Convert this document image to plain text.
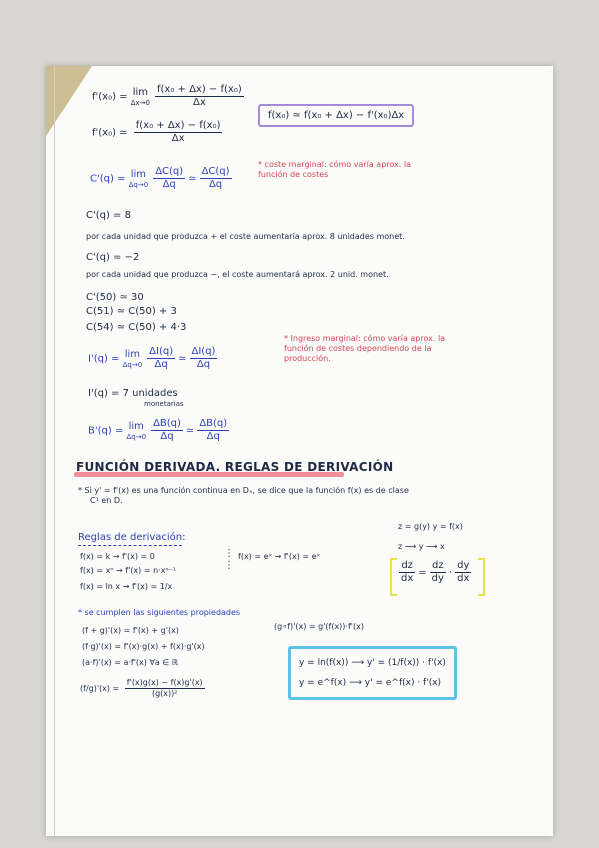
f'(x₀) = lim
$\Delta x\to 0 \frac{\text{f(x₀ + Δx) − f(x₀)}}{\Delta x}$
f'(x₀) ≃ $\frac{\text{f(x₀ + Δx) − f(x₀)}}{\Delta x}$
f(x₀) ≃ f(x₀ + Δx) − f'(x₀)Δx
C'(q) = lim
$\Delta q\to 0 \frac{\Delta C(q)}{\Delta q}$ ≃ $\frac{\Delta C(q)}{\Delta q}$
* coste marginal: cómo varía aprox. la
función de costes
C'(q) = 8
por cada unidad que produzca + el coste aumentaría aprox. 8 unidades monet.
C'(q) = −2
por cada unidad que produzca −, el coste aumentará aprox. 2 unid. monet.
C'(50) ≃ 30
C(51) ≃ C(50) + 3
C(54) ≃ C(50) + 4·3
I'(q) = lim
$\Delta q\to 0 \frac{\Delta I(q)}{\Delta q}$ ≃ $\frac{\Delta I(q)}{\Delta q}$
* Ingreso marginal: cómo varía aprox. la
función de costes dependiendo de la
producción.
I'(q) = 7 unidades
monetarias
B'(q) = lim
$\Delta q\to 0 \frac{\Delta B(q)}{\Delta q}$ ≃ $\frac{\Delta B(q)}{\Delta q}$
FUNCIÓN DERIVADA. REGLAS DE DERIVACIÓN
* Si y' = f'(x) es una función continua en Dₓ, se dice que la función f(x) es de clase
C¹ en D.
Reglas de derivación:
f(x) = k → f'(x) = 0
f(x) = xⁿ → f'(x) = n·xⁿ⁻¹
f(x) = ln x → f'(x) = 1/x
⋮
⋮
f(x) = eˣ → f'(x) = eˣ
z = g(y) y = f(x)
z ⟶ y ⟶ x
$\frac{dz}{dx} = \frac{dz}{dy} \cdot \frac{dy}{dx}$
* se cumplen las siguientes propiedades
(f + g)'(x) = f'(x) + g'(x)
(f·g)'(x) = f'(x)·g(x) + f(x)·g'(x)
(a·f)'(x) = a·f'(x) ∀a ∈ ℝ
$(f/g)'(x) = \frac{f'(x)g(x) - f(x)g'(x)}{\text{(g(x))²}}$
(g∘f)'(x) = g'(f(x))·f'(x)
y = ln(f(x)) ⟶ y' = (1/f(x)) · f'(x)
y = e^f(x) ⟶ y' = e^f(x) · f'(x)
